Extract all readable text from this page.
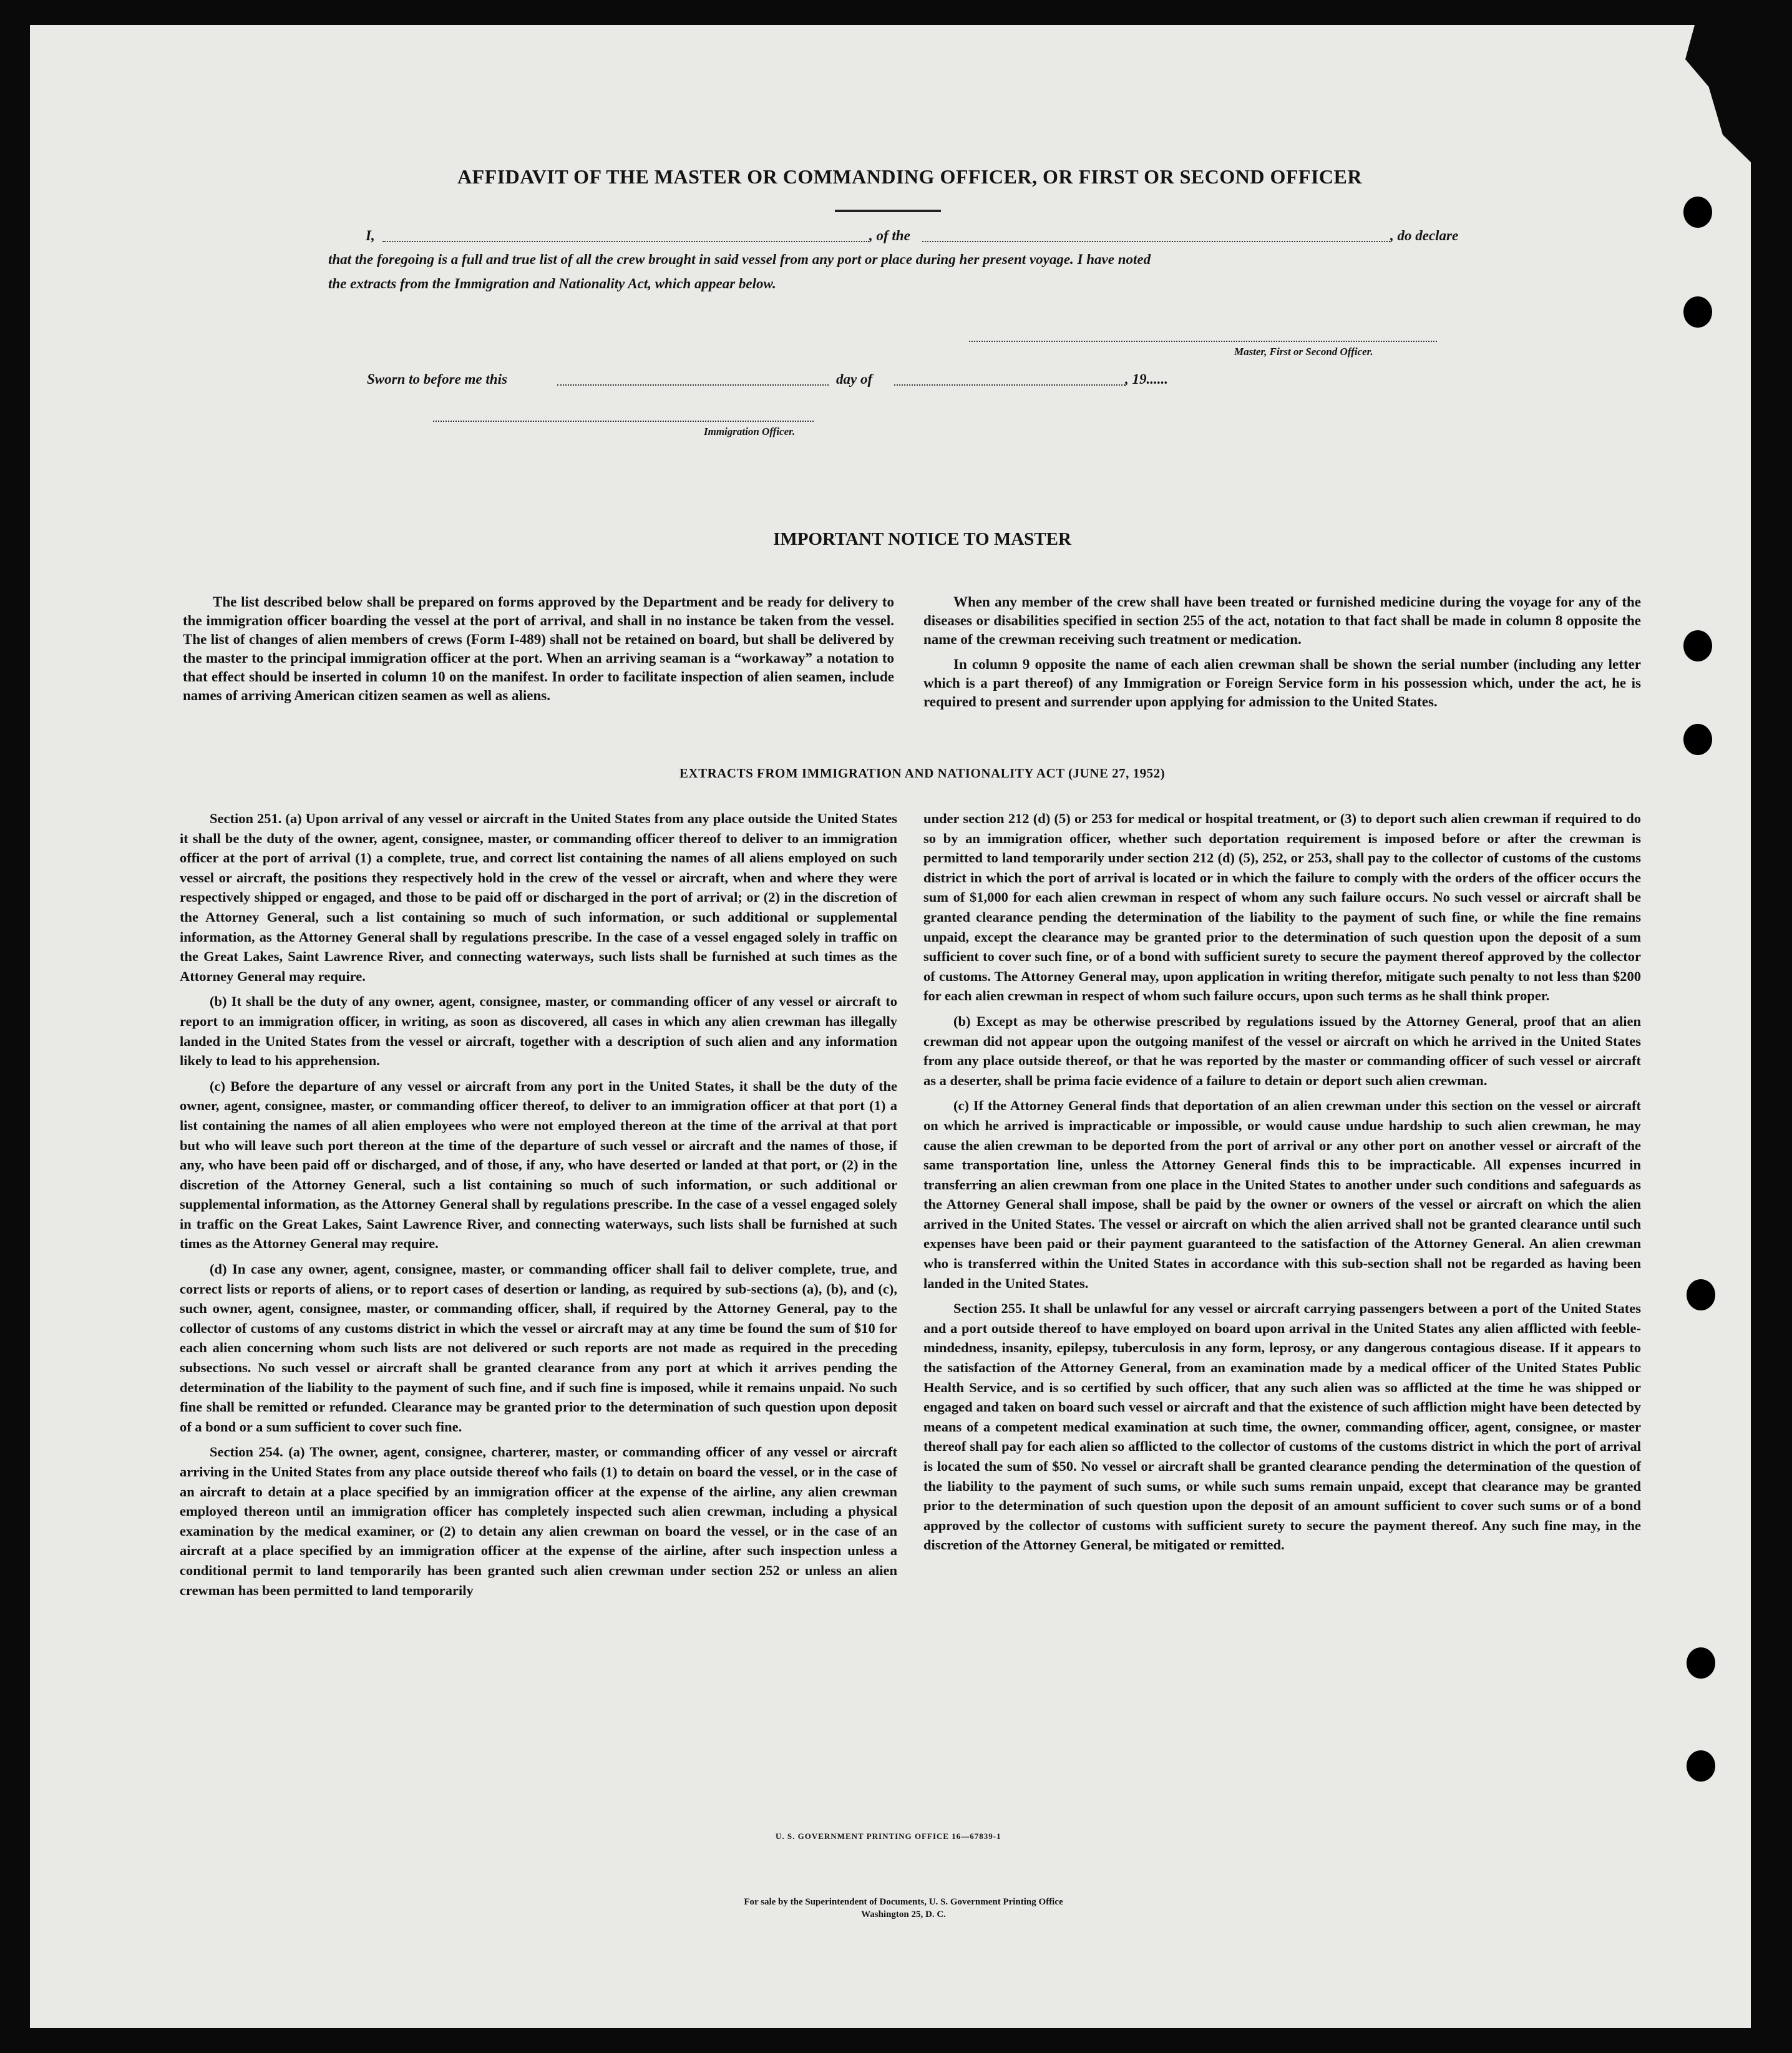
AFFIDAVIT OF THE MASTER OR COMMANDING OFFICER, OR FIRST OR SECOND OFFICER
I,	, of the	, do declare
that the foregoing is a full and true list of all the crew brought in said vessel from any port or place during her present voyage. I have noted
the extracts from the Immigration and Nationality Act, which appear below.
Master, First or Second Officer.
Sworn to before me this	day of	, 19......
Immigration Officer.
IMPORTANT NOTICE TO MASTER

The list described below shall be prepared on forms approved by the Department and be ready for delivery to the immigration officer boarding the vessel at the port of arrival, and shall in no instance be taken from the vessel. The list of changes of alien members of crews (Form I-489) shall not be retained on board, but shall be delivered by the master to the principal immigration officer at the port. When an arriving seaman is a “workaway” a notation to that effect should be inserted in column 10 on the manifest. In order to facilitate inspection of alien seamen, include names of arriving American citizen seamen as well as aliens.

When any member of the crew shall have been treated or furnished medicine during the voyage for any of the diseases or disabilities specified in section 255 of the act, notation to that fact shall be made in column 8 opposite the name of the crewman receiving such treatment or medication.

In column 9 opposite the name of each alien crewman shall be shown the serial number (including any letter which is a part thereof) of any Immigration or Foreign Service form in his possession which, under the act, he is required to present and surrender upon applying for admission to the United States.

EXTRACTS FROM IMMIGRATION AND NATIONALITY ACT (JUNE 27, 1952)

Section 251. (a) Upon arrival of any vessel or aircraft in the United States from any place outside the United States it shall be the duty of the owner, agent, consignee, master, or commanding officer thereof to deliver to an immigration officer at the port of arrival (1) a complete, true, and correct list containing the names of all aliens employed on such vessel or aircraft, the positions they respectively hold in the crew of the vessel or aircraft, when and where they were respectively shipped or engaged, and those to be paid off or discharged in the port of arrival; or (2) in the discretion of the Attorney General, such a list containing so much of such information, or such additional or supplemental information, as the Attorney General shall by regulations prescribe. In the case of a vessel engaged solely in traffic on the Great Lakes, Saint Lawrence River, and connecting waterways, such lists shall be furnished at such times as the Attorney General may require.

(b) It shall be the duty of any owner, agent, consignee, master, or commanding officer of any vessel or aircraft to report to an immigration officer, in writing, as soon as discovered, all cases in which any alien crewman has illegally landed in the United States from the vessel or aircraft, together with a description of such alien and any information likely to lead to his apprehension.

(c) Before the departure of any vessel or aircraft from any port in the United States, it shall be the duty of the owner, agent, consignee, master, or commanding officer thereof, to deliver to an immigration officer at that port (1) a list containing the names of all alien employees who were not employed thereon at the time of the arrival at that port but who will leave such port thereon at the time of the departure of such vessel or aircraft and the names of those, if any, who have been paid off or discharged, and of those, if any, who have deserted or landed at that port, or (2) in the discretion of the Attorney General, such a list containing so much of such information, or such additional or supplemental information, as the Attorney General shall by regulations prescribe. In the case of a vessel engaged solely in traffic on the Great Lakes, Saint Lawrence River, and connecting waterways, such lists shall be furnished at such times as the Attorney General may require.

(d) In case any owner, agent, consignee, master, or commanding officer shall fail to deliver complete, true, and correct lists or reports of aliens, or to report cases of desertion or landing, as required by sub-sections (a), (b), and (c), such owner, agent, consignee, master, or commanding officer, shall, if required by the Attorney General, pay to the collector of customs of any customs district in which the vessel or aircraft may at any time be found the sum of $10 for each alien concerning whom such lists are not delivered or such reports are not made as required in the preceding subsections. No such vessel or aircraft shall be granted clearance from any port at which it arrives pending the determination of the liability to the payment of such fine, and if such fine is imposed, while it remains unpaid. No such fine shall be remitted or refunded. Clearance may be granted prior to the determination of such question upon deposit of a bond or a sum sufficient to cover such fine.

Section 254. (a) The owner, agent, consignee, charterer, master, or commanding officer of any vessel or aircraft arriving in the United States from any place outside thereof who fails (1) to detain on board the vessel, or in the case of an aircraft to detain at a place specified by an immigration officer at the expense of the airline, any alien crewman employed thereon until an immigration officer has completely inspected such alien crewman, including a physical examination by the medical examiner, or (2) to detain any alien crewman on board the vessel, or in the case of an aircraft at a place specified by an immigration officer at the expense of the airline, after such inspection unless a conditional permit to land temporarily has been granted such alien crewman under section 252 or unless an alien crewman has been permitted to land temporarily

under section 212 (d) (5) or 253 for medical or hospital treatment, or (3) to deport such alien crewman if required to do so by an immigration officer, whether such deportation requirement is imposed before or after the crewman is permitted to land temporarily under section 212 (d) (5), 252, or 253, shall pay to the collector of customs of the customs district in which the port of arrival is located or in which the failure to comply with the orders of the officer occurs the sum of $1,000 for each alien crewman in respect of whom any such failure occurs. No such vessel or aircraft shall be granted clearance pending the determination of the liability to the payment of such fine, or while the fine remains unpaid, except the clearance may be granted prior to the determination of such question upon the deposit of a sum sufficient to cover such fine, or of a bond with sufficient surety to secure the payment thereof approved by the collector of customs. The Attorney General may, upon application in writing therefor, mitigate such penalty to not less than $200 for each alien crewman in respect of whom such failure occurs, upon such terms as he shall think proper.

(b) Except as may be otherwise prescribed by regulations issued by the Attorney General, proof that an alien crewman did not appear upon the outgoing manifest of the vessel or aircraft on which he arrived in the United States from any place outside thereof, or that he was reported by the master or commanding officer of such vessel or aircraft as a deserter, shall be prima facie evidence of a failure to detain or deport such alien crewman.

(c) If the Attorney General finds that deportation of an alien crewman under this section on the vessel or aircraft on which he arrived is impracticable or impossible, or would cause undue hardship to such alien crewman, he may cause the alien crewman to be deported from the port of arrival or any other port on another vessel or aircraft of the same transportation line, unless the Attorney General finds this to be impracticable. All expenses incurred in transferring an alien crewman from one place in the United States to another under such conditions and safeguards as the Attorney General shall impose, shall be paid by the owner or owners of the vessel or aircraft on which the alien arrived in the United States. The vessel or aircraft on which the alien arrived shall not be granted clearance until such expenses have been paid or their payment guaranteed to the satisfaction of the Attorney General. An alien crewman who is transferred within the United States in accordance with this sub-section shall not be regarded as having been landed in the United States.

Section 255. It shall be unlawful for any vessel or aircraft carrying passengers between a port of the United States and a port outside thereof to have employed on board upon arrival in the United States any alien afflicted with feeble-mindedness, insanity, epilepsy, tuberculosis in any form, leprosy, or any dangerous contagious disease. If it appears to the satisfaction of the Attorney General, from an examination made by a medical officer of the United States Public Health Service, and is so certified by such officer, that any such alien was so afflicted at the time he was shipped or engaged and taken on board such vessel or aircraft and that the existence of such affliction might have been detected by means of a competent medical examination at such time, the owner, commanding officer, agent, consignee, or master thereof shall pay for each alien so afflicted to the collector of customs of the customs district in which the port of arrival is located the sum of $50. No vessel or aircraft shall be granted clearance pending the determination of the question of the liability to the payment of such sums, or while such sums remain unpaid, except that clearance may be granted prior to the determination of such question upon the deposit of an amount sufficient to cover such sums or of a bond approved by the collector of customs with sufficient surety to secure the payment thereof. Any such fine may, in the discretion of the Attorney General, be mitigated or remitted.

U. S. GOVERNMENT PRINTING OFFICE 16—67839-1
For sale by the Superintendent of Documents, U. S. Government Printing Office
Washington 25, D. C.
